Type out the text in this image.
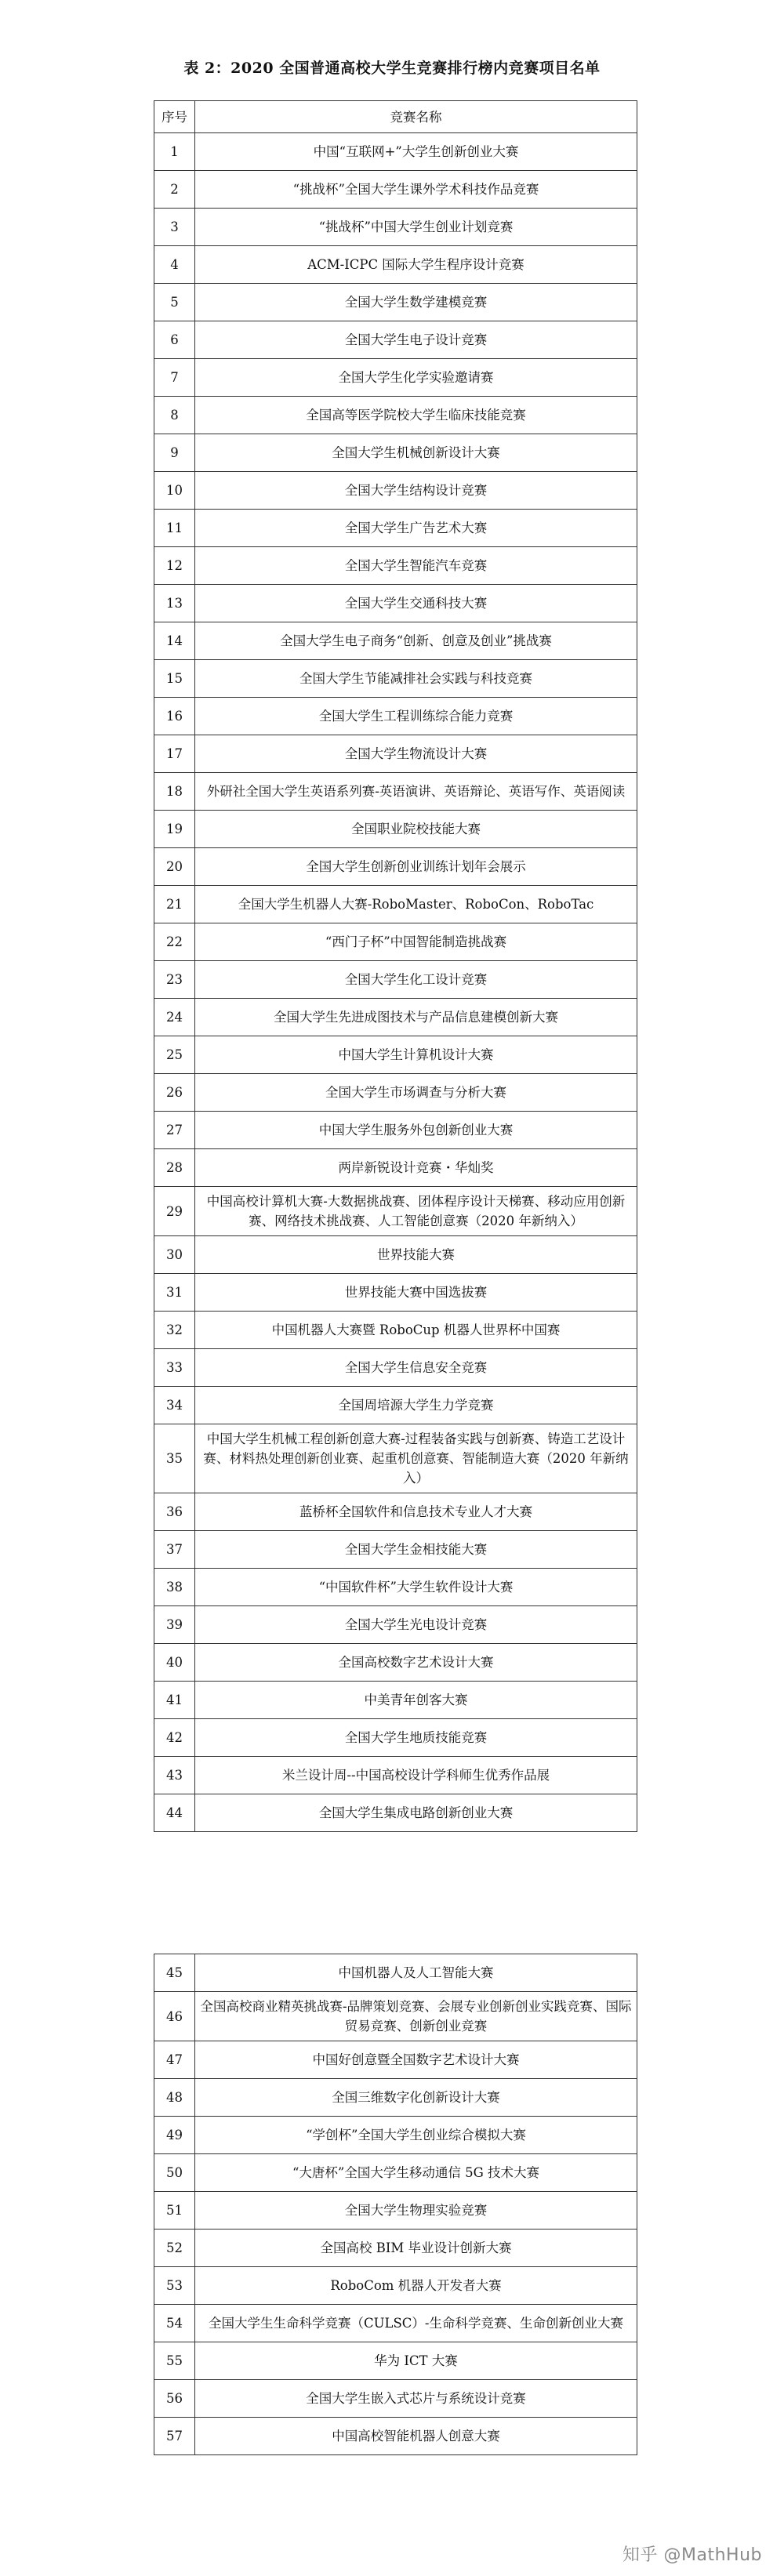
表 2：2020 全国普通高校大学生竞赛排行榜内竞赛项目名单
序号	竞赛名称
1	中国“互联网+”大学生创新创业大赛
2	“挑战杯”全国大学生课外学术科技作品竞赛
3	“挑战杯”中国大学生创业计划竞赛
4	ACM-ICPC 国际大学生程序设计竞赛
5	全国大学生数学建模竞赛
6	全国大学生电子设计竞赛
7	全国大学生化学实验邀请赛
8	全国高等医学院校大学生临床技能竞赛
9	全国大学生机械创新设计大赛
10	全国大学生结构设计竞赛
11	全国大学生广告艺术大赛
12	全国大学生智能汽车竞赛
13	全国大学生交通科技大赛
14	全国大学生电子商务“创新、创意及创业”挑战赛
15	全国大学生节能减排社会实践与科技竞赛
16	全国大学生工程训练综合能力竞赛
17	全国大学生物流设计大赛
18	外研社全国大学生英语系列赛-英语演讲、英语辩论、英语写作、英语阅读
19	全国职业院校技能大赛
20	全国大学生创新创业训练计划年会展示
21	全国大学生机器人大赛-RoboMaster、RoboCon、RoboTac
22	“西门子杯”中国智能制造挑战赛
23	全国大学生化工设计竞赛
24	全国大学生先进成图技术与产品信息建模创新大赛
25	中国大学生计算机设计大赛
26	全国大学生市场调查与分析大赛
27	中国大学生服务外包创新创业大赛
28	两岸新锐设计竞赛・华灿奖
29	中国高校计算机大赛-大数据挑战赛、团体程序设计天梯赛、移动应用创新赛、网络技术挑战赛、人工智能创意赛（2020 年新纳入）
30	世界技能大赛
31	世界技能大赛中国选拔赛
32	中国机器人大赛暨 RoboCup 机器人世界杯中国赛
33	全国大学生信息安全竞赛
34	全国周培源大学生力学竞赛
35	中国大学生机械工程创新创意大赛-过程装备实践与创新赛、铸造工艺设计赛、材料热处理创新创业赛、起重机创意赛、智能制造大赛（2020 年新纳入）
36	蓝桥杯全国软件和信息技术专业人才大赛
37	全国大学生金相技能大赛
38	“中国软件杯”大学生软件设计大赛
39	全国大学生光电设计竞赛
40	全国高校数字艺术设计大赛
41	中美青年创客大赛
42	全国大学生地质技能竞赛
43	米兰设计周--中国高校设计学科师生优秀作品展
44	全国大学生集成电路创新创业大赛
45	中国机器人及人工智能大赛
46	全国高校商业精英挑战赛-品牌策划竞赛、会展专业创新创业实践竞赛、国际贸易竞赛、创新创业竞赛
47	中国好创意暨全国数字艺术设计大赛
48	全国三维数字化创新设计大赛
49	“学创杯”全国大学生创业综合模拟大赛
50	“大唐杯”全国大学生移动通信 5G 技术大赛
51	全国大学生物理实验竞赛
52	全国高校 BIM 毕业设计创新大赛
53	RoboCom 机器人开发者大赛
54	全国大学生生命科学竞赛（CULSC）-生命科学竞赛、生命创新创业大赛
55	华为 ICT 大赛
56	全国大学生嵌入式芯片与系统设计竞赛
57	中国高校智能机器人创意大赛
知乎 @MathHub
